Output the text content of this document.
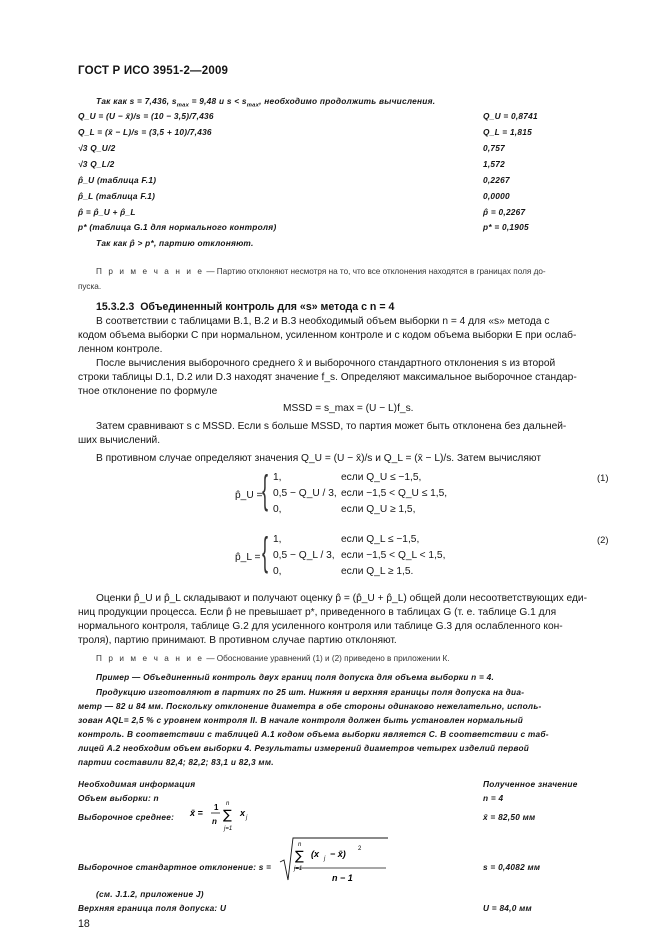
ГОСТ Р ИСО 3951-2—2009
Так как s = 7,436, $s_{max} = 9,48$ и $s < s_{max}$, необходимо продолжить вычисления.
Q_U = (U − x̄)/s = (10 − 3,5)/7,436	Q_U = 0,8741
Q_L = (x̄ − L)/s = (3,5 + 10)/7,436	Q_L = 1,815
√3 Q_U/2	0,757
√3 Q_L/2	1,572
p̂_U (таблица F.1)	0,2267
p̂_L (таблица F.1)	0,0000
p̂ = p̂_U + p̂_L	p̂ = 0,2267
p* (таблица G.1 для нормального контроля)	p* = 0,1905
Так как p̂ > p*, партию отклоняют.
П р и м е ч а н и е — Партию отклоняют несмотря на то, что все отклонения находятся в границах поля до-
пуска.
15.3.2.3 Объединенный контроль для «s» метода с n = 4
В соответствии с таблицами В.1, В.2 и В.3 необходимый объем выборки n = 4 для «s» метода с
кодом объема выборки C при нормальном, усиленном контроле и с кодом объема выборки E при ослаб-
ленном контроле.
После вычисления выборочного среднего x̄ и выборочного стандартного отклонения s из второй
строки таблицы D.1, D.2 или D.3 находят значение f_s. Определяют максимальное выборочное стандар-
тное отклонение по формуле
MSSD = s_max = (U − L)f_s.
Затем сравнивают s с MSSD. Если s больше MSSD, то партия может быть отклонена без дальней-
ших вычислений.
В противном случае определяют значения Q_U = (U − x̄)/s и Q_L = (x̄ − L)/s. Затем вычисляют
p̂_U = { 1,	если Q_U ≤ −1,5,
0,5 − Q_U / 3, если −1,5 < Q_U ≤ 1,5,
0,	если Q_U ≥ 1,5,
(1)
p̂_L = { 1,	если Q_L ≤ −1,5,
0,5 − Q_L / 3, если −1,5 < Q_L < 1,5,
0,	если Q_L ≥ 1,5.
(2)
Оценки p̂_U и p̂_L складывают и получают оценку p̂ = (p̂_U + p̂_L) общей доли несоответствующих еди-
ниц продукции процесса. Если p̂ не превышает p*, приведенного в таблицах G (т. е. таблице G.1 для
нормального контроля, таблице G.2 для усиленного контроля или таблице G.3 для ослабленного кон-
троля), партию принимают. В противном случае партию отклоняют.
П р и м е ч а н и е — Обоснование уравнений (1) и (2) приведено в приложении К.
Пример — Объединенный контроль двух границ поля допуска для объема выборки n = 4.
Продукцию изготовляют в партиях по 25 шт. Нижняя и верхняя границы поля допуска на диа-
метр — 82 и 84 мм. Поскольку отклонение диаметра в обе стороны одинаково нежелательно, исполь-
зован AQL= 2,5 % с уровнем контроля II. В начале контроля должен быть установлен нормальный
контроль. В соответствии с таблицей A.1 кодом объема выборки является C. В соответствии с таб-
лицей A.2 необходим объем выборки 4. Результаты измерений диаметров четырех изделий первой
партии составили 82,4; 82,2; 83,1 и 82,3 мм.
Необходимая информация	Полученное значение
Объем выборки: n	n = 4
Выборочное среднее: x̄ =
1
n
n
∑
j=1
x j	x̄ = 82,50 мм
Выборочное стандартное отклонение: s =
n
∑
j=1
(x j − x̄) 2
n − 1
s = 0,4082 мм
(см. J.1.2, приложение J)
Верхняя граница поля допуска: U	U = 84,0 мм
18
